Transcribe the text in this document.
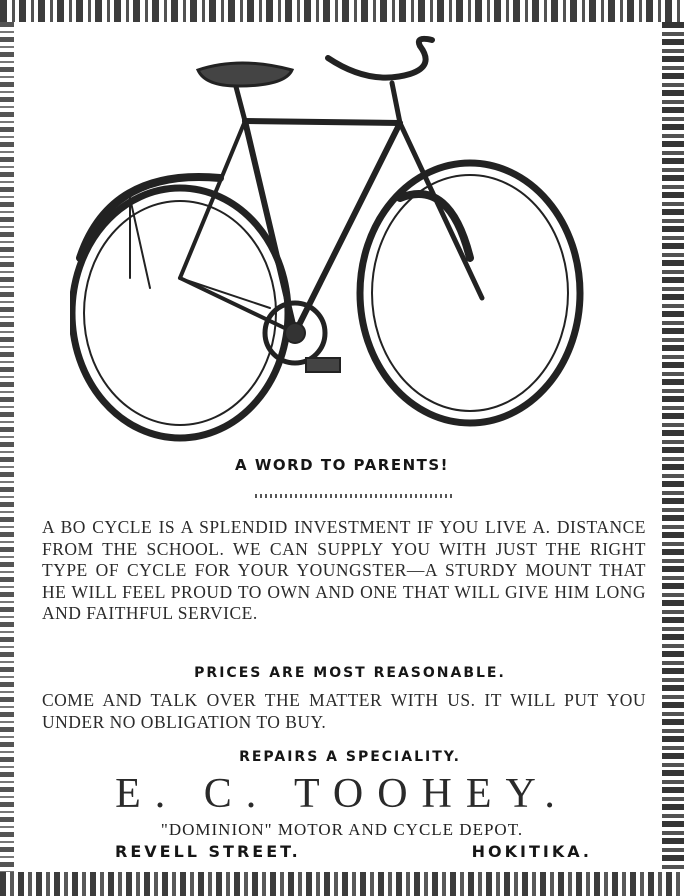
A WORD TO PARENTS!
A BO CYCLE IS A SPLENDID INVESTMENT IF YOU LIVE A. DISTANCE FROM THE SCHOOL. WE CAN SUPPLY YOU WITH JUST THE RIGHT TYPE OF CYCLE FOR YOUR YOUNGSTER—A STURDY MOUNT THAT HE WILL FEEL PROUD TO OWN AND ONE THAT WILL GIVE HIM LONG AND FAITHFUL SERVICE.
PRICES ARE MOST REASONABLE.
COME AND TALK OVER THE MATTER WITH US. IT WILL PUT YOU UNDER NO OBLIGATION TO BUY.
REPAIRS A SPECIALITY.
E. C. TOOHEY.
"DOMINION" MOTOR AND CYCLE DEPOT.
REVELL STREET.	HOKITIKA.
